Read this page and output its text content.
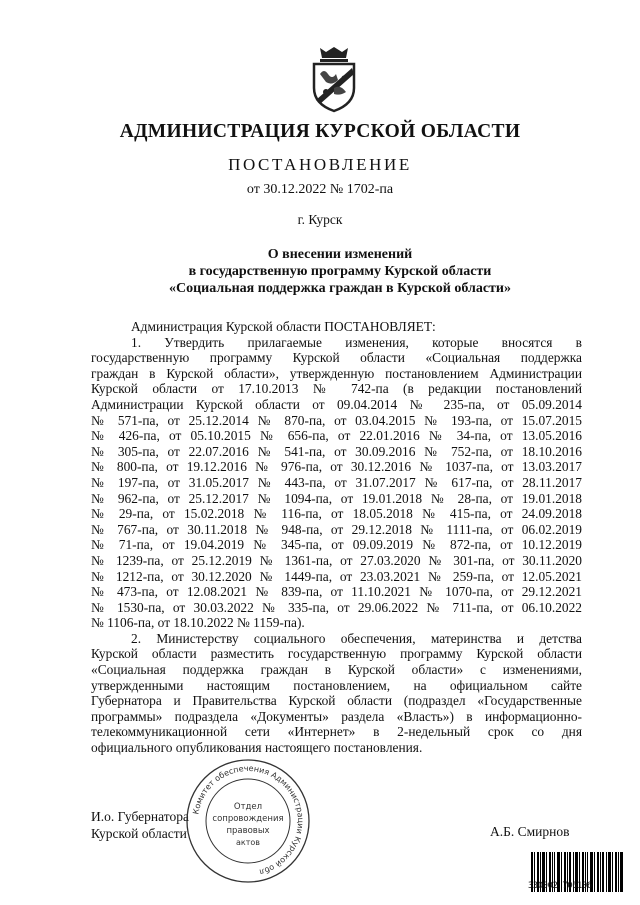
АДМИНИСТРАЦИЯ КУРСКОЙ ОБЛАСТИ
ПОСТАНОВЛЕНИЕ
от 30.12.2022 № 1702-па
г. Курск
О внесении изменений
в государственную программу Курской области
«Социальная поддержка граждан в Курской области»
Администрация Курской области ПОСТАНОВЛЯЕТ:
1. Утвердить прилагаемые изменения, которые вносятся в
государственную программу Курской области «Социальная поддержка
граждан в Курской области», утвержденную постановлением Администрации
Курской области от 17.10.2013 № 742-па (в редакции постановлений
Администрации Курской области от 09.04.2014 № 235-па, от 05.09.2014
№ 571-па, от 25.12.2014 № 870-па, от 03.04.2015 № 193-па, от 15.07.2015
№ 426-па, от 05.10.2015 № 656-па, от 22.01.2016 № 34-па, от 13.05.2016
№ 305-па, от 22.07.2016 № 541-па, от 30.09.2016 № 752-па, от 18.10.2016
№ 800-па, от 19.12.2016 № 976-па, от 30.12.2016 № 1037-па, от 13.03.2017
№ 197-па, от 31.05.2017 № 443-па, от 31.07.2017 № 617-па, от 28.11.2017
№ 962-па, от 25.12.2017 № 1094-па, от 19.01.2018 № 28-па, от 19.01.2018
№ 29-па, от 15.02.2018 № 116-па, от 18.05.2018 № 415-па, от 24.09.2018
№ 767-па, от 30.11.2018 № 948-па, от 29.12.2018 № 1111-па, от 06.02.2019
№ 71-па, от 19.04.2019 № 345-па, от 09.09.2019 № 872-па, от 10.12.2019
№ 1239-па, от 25.12.2019 № 1361-па, от 27.03.2020 № 301-па, от 30.11.2020
№ 1212-па, от 30.12.2020 № 1449-па, от 23.03.2021 № 259-па, от 12.05.2021
№ 473-па, от 12.08.2021 № 839-па, от 11.10.2021 № 1070-па, от 29.12.2021
№ 1530-па, от 30.03.2022 № 335-па, от 29.06.2022 № 711-па, от 06.10.2022
№ 1106-па, от 18.10.2022 № 1159-па).
2. Министерству социального обеспечения, материнства и детства
Курской области разместить государственную программу Курской области
«Социальная поддержка граждан в Курской области» с изменениями,
утвержденными настоящим постановлением, на официальном сайте
Губернатора и Правительства Курской области (подраздел «Государственные
программы» подраздела «Документы» раздела «Власть») в информационно-
телекоммуникационной сети «Интернет» в 2-недельный срок со дня
официального опубликования настоящего постановления.
И.о. Губернатора
Курской области	А.Б. Смирнов
Комитет обеспечения Администрации Курской обл
Отдел
сопровождения
правовых
актов
330002 706106
